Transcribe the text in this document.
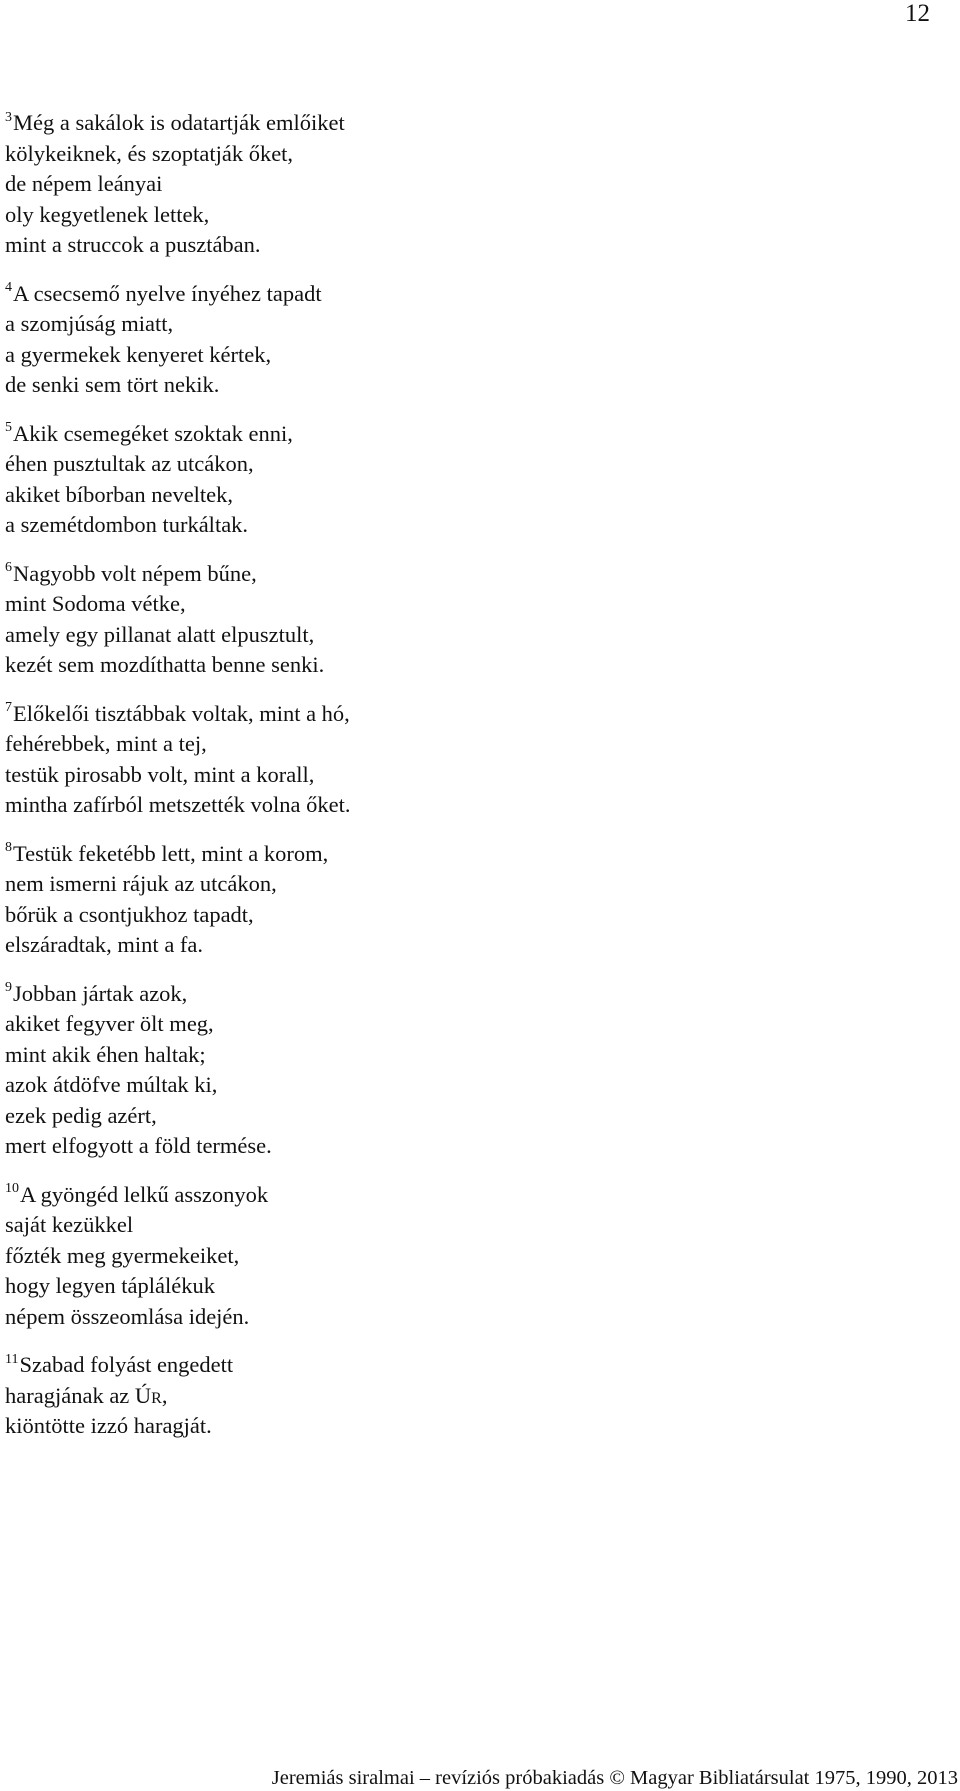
12
$^3$Még a sakálok is odatartják emlőiket
kölykeiknek, és szoptatják őket,
de népem leányai
oly kegyetlenek lettek,
mint a struccok a pusztában.
$^4$A csecsemő nyelve ínyéhez tapadt
a szomjúság miatt,
a gyermekek kenyeret kértek,
de senki sem tört nekik.
$^5$Akik csemegéket szoktak enni,
éhen pusztultak az utcákon,
akiket bíborban neveltek,
a szemétdombon turkáltak.
$^6$Nagyobb volt népem bűne,
mint Sodoma vétke,
amely egy pillanat alatt elpusztult,
kezét sem mozdíthatta benne senki.
$^7$Előkelői tisztábbak voltak, mint a hó,
fehérebbek, mint a tej,
testük pirosabb volt, mint a korall,
mintha zafírból metszették volna őket.
$^8$Testük feketébb lett, mint a korom,
nem ismerni rájuk az utcákon,
bőrük a csontjukhoz tapadt,
elszáradtak, mint a fa.
$^9$Jobban jártak azok,
akiket fegyver ölt meg,
mint akik éhen haltak;
azok átdöfve múltak ki,
ezek pedig azért,
mert elfogyott a föld termése.
$^{10}$A gyöngéd lelkű asszonyok
saját kezükkel
főzték meg gyermekeiket,
hogy legyen táplálékuk
népem összeomlása idején.
$^{11}$Szabad folyást engedett
haragjának az Úr,
kiöntötte izzó haragját.
Jeremiás siralmai – revíziós próbakiadás © Magyar Bibliatársulat 1975, 1990, 2013
